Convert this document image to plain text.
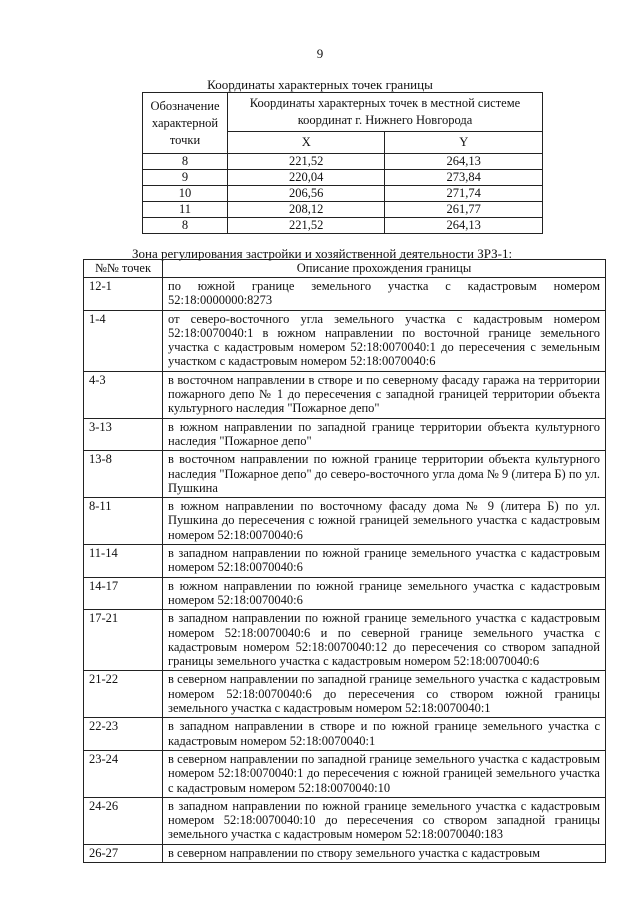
9
Координаты характерных точек границы
Обозначение характерной точки	Координаты характерных точек в местной системе координат г. Нижнего Новгорода	
	X	Y
8	221,52	264,13
9	220,04	273,84
10	206,56	271,74
11	208,12	261,77
8	221,52	264,13
Зона регулирования застройки и хозяйственной деятельности ЗРЗ-1:
№№ точек	Описание прохождения границы
12-1	по южной границе земельного участка с кадастровым номером 52:18:0000000:8273
1-4	от северо-восточного угла земельного участка с кадастровым номером 52:18:0070040:1 в южном направлении по восточной границе земельного участка с кадастровым номером 52:18:0070040:1 до пересечения с земельным участком с кадастровым номером 52:18:0070040:6
4-3	в восточном направлении в створе и по северному фасаду гаража на территории пожарного депо № 1 до пересечения с западной границей территории объекта культурного наследия "Пожарное депо"
3-13	в южном направлении по западной границе территории объекта культурного наследия "Пожарное депо"
13-8	в восточном направлении по южной границе территории объекта культурного наследия "Пожарное депо" до северо-восточного угла дома № 9 (литера Б) по ул. Пушкина
8-11	в южном направлении по восточному фасаду дома № 9 (литера Б) по ул. Пушкина до пересечения с южной границей земельного участка с кадастровым номером 52:18:0070040:6
11-14	в западном направлении по южной границе земельного участка с кадастровым номером 52:18:0070040:6
14-17	в южном направлении по южной границе земельного участка с кадастровым номером 52:18:0070040:6
17-21	в западном направлении по южной границе земельного участка с кадастровым номером 52:18:0070040:6 и по северной границе земельного участка с кадастровым номером 52:18:0070040:12 до пересечения со створом западной границы земельного участка с кадастровым номером 52:18:0070040:6
21-22	в северном направлении по западной границе земельного участка с кадастровым номером 52:18:0070040:6 до пересечения со створом южной границы земельного участка с кадастровым номером 52:18:0070040:1
22-23	в западном направлении в створе и по южной границе земельного участка с кадастровым номером 52:18:0070040:1
23-24	в северном направлении по западной границе земельного участка с кадастровым номером 52:18:0070040:1 до пересечения с южной границей земельного участка с кадастровым номером 52:18:0070040:10
24-26	в западном направлении по южной границе земельного участка с кадастровым номером 52:18:0070040:10 до пересечения со створом западной границы земельного участка с кадастровым номером 52:18:0070040:183
26-27	в северном направлении по створу земельного участка с кадастровым
